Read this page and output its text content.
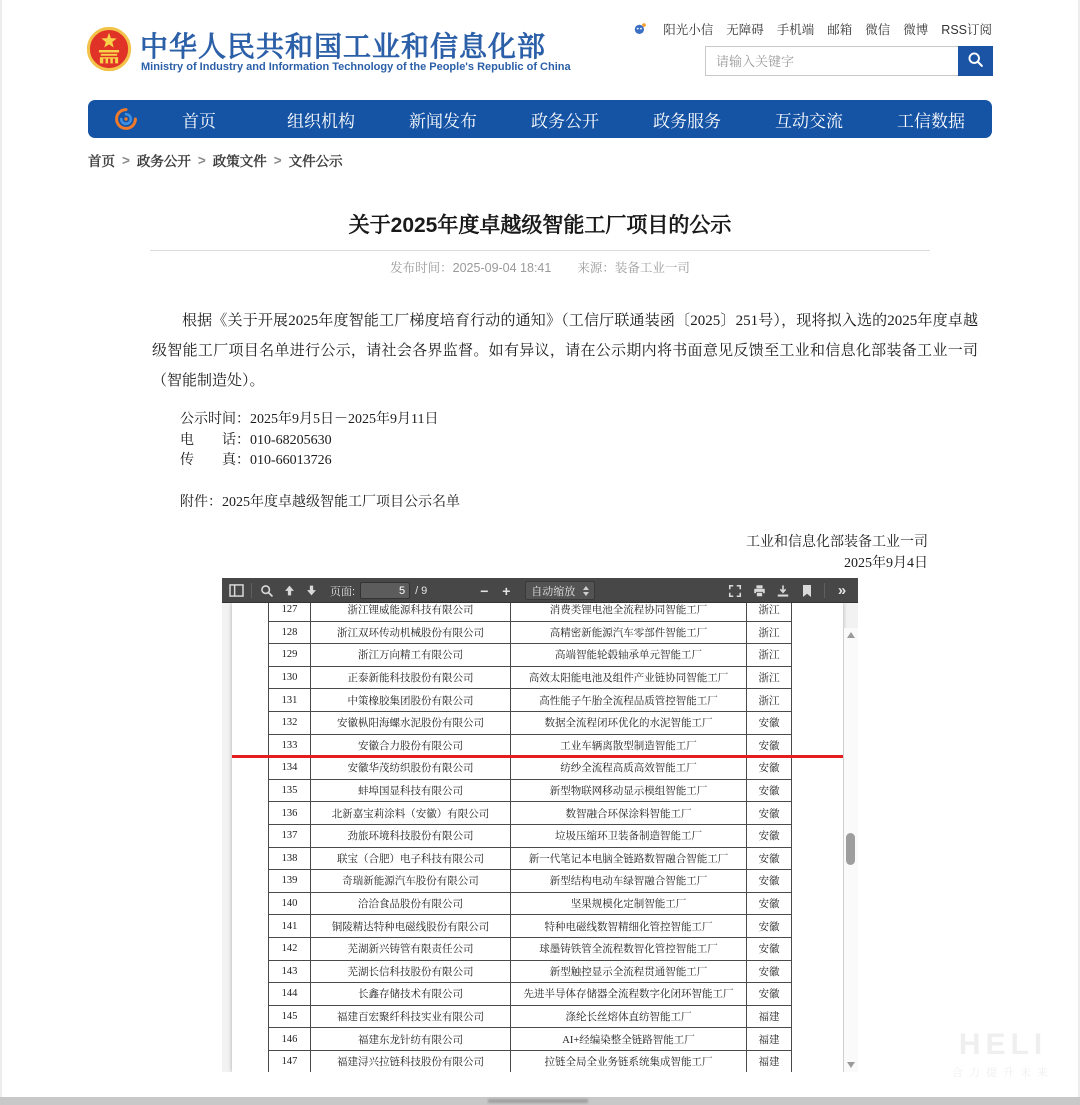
中华人民共和国工业和信息化部
Ministry of Industry and Information Technology of the People's Republic of China
阳光小信 无障碍 手机端 邮箱 微信 微博 RSS订阅
请输入关键字
首页	组织机构	新闻发布	政务公开	政务服务	互动交流	工信数据
首页 > 政务公开 > 政策文件 > 文件公示
关于2025年度卓越级智能工厂项目的公示
发布时间：2025-09-04 18:41 来源：装备工业一司

根据《关于开展2025年度智能工厂梯度培育行动的通知》（工信厅联通装函〔2025〕251号），现将拟入选的2025年度卓越级智能工厂项目名单进行公示，请社会各界监督。如有异议，请在公示期内将书面意见反馈至工业和信息化部装备工业一司（智能制造处）。

公示时间：2025年9月5日－2025年9月11日
电　　话：010-68205630
传　　真：010-66013726
附件：2025年度卓越级智能工厂项目公示名单
工业和信息化部装备工业一司
2025年9月4日
页面:
5	/ 9	− +	自动缩放	»
127	浙江锂威能源科技有限公司	消费类锂电池全流程协同智能工厂	浙江
128	浙江双环传动机械股份有限公司	高精密新能源汽车零部件智能工厂	浙江
129	浙江万向精工有限公司	高端智能轮毂轴承单元智能工厂	浙江
130	正泰新能科技股份有限公司	高效太阳能电池及组件产业链协同智能工厂	浙江
131	中策橡胶集团股份有限公司	高性能子午胎全流程品质管控智能工厂	浙江
132	安徽枞阳海螺水泥股份有限公司	数据全流程闭环优化的水泥智能工厂	安徽
133	安徽合力股份有限公司	工业车辆离散型制造智能工厂	安徽
134	安徽华茂纺织股份有限公司	纺纱全流程高质高效智能工厂	安徽
135	蚌埠国显科技有限公司	新型物联网移动显示模组智能工厂	安徽
136	北新嘉宝莉涂料（安徽）有限公司	数智融合环保涂料智能工厂	安徽
137	劲旅环境科技股份有限公司	垃圾压缩环卫装备制造智能工厂	安徽
138	联宝（合肥）电子科技有限公司	新一代笔记本电脑全链路数智融合智能工厂	安徽
139	奇瑞新能源汽车股份有限公司	新型结构电动车绿智融合智能工厂	安徽
140	洽洽食品股份有限公司	坚果规模化定制智能工厂	安徽
141	铜陵精达特种电磁线股份有限公司	特种电磁线数智精细化管控智能工厂	安徽
142	芜湖新兴铸管有限责任公司	球墨铸铁管全流程数智化管控智能工厂	安徽
143	芜湖长信科技股份有限公司	新型触控显示全流程贯通智能工厂	安徽
144	长鑫存储技术有限公司	先进半导体存储器全流程数字化闭环智能工厂	安徽
145	福建百宏聚纤科技实业有限公司	涤纶长丝熔体直纺智能工厂	福建
146	福建东龙针纺有限公司	AI+经编染整全链路智能工厂	福建
147	福建浔兴拉链科技股份有限公司	拉链全局全业务链系统集成智能工厂	福建
HELI
合力提升未来
